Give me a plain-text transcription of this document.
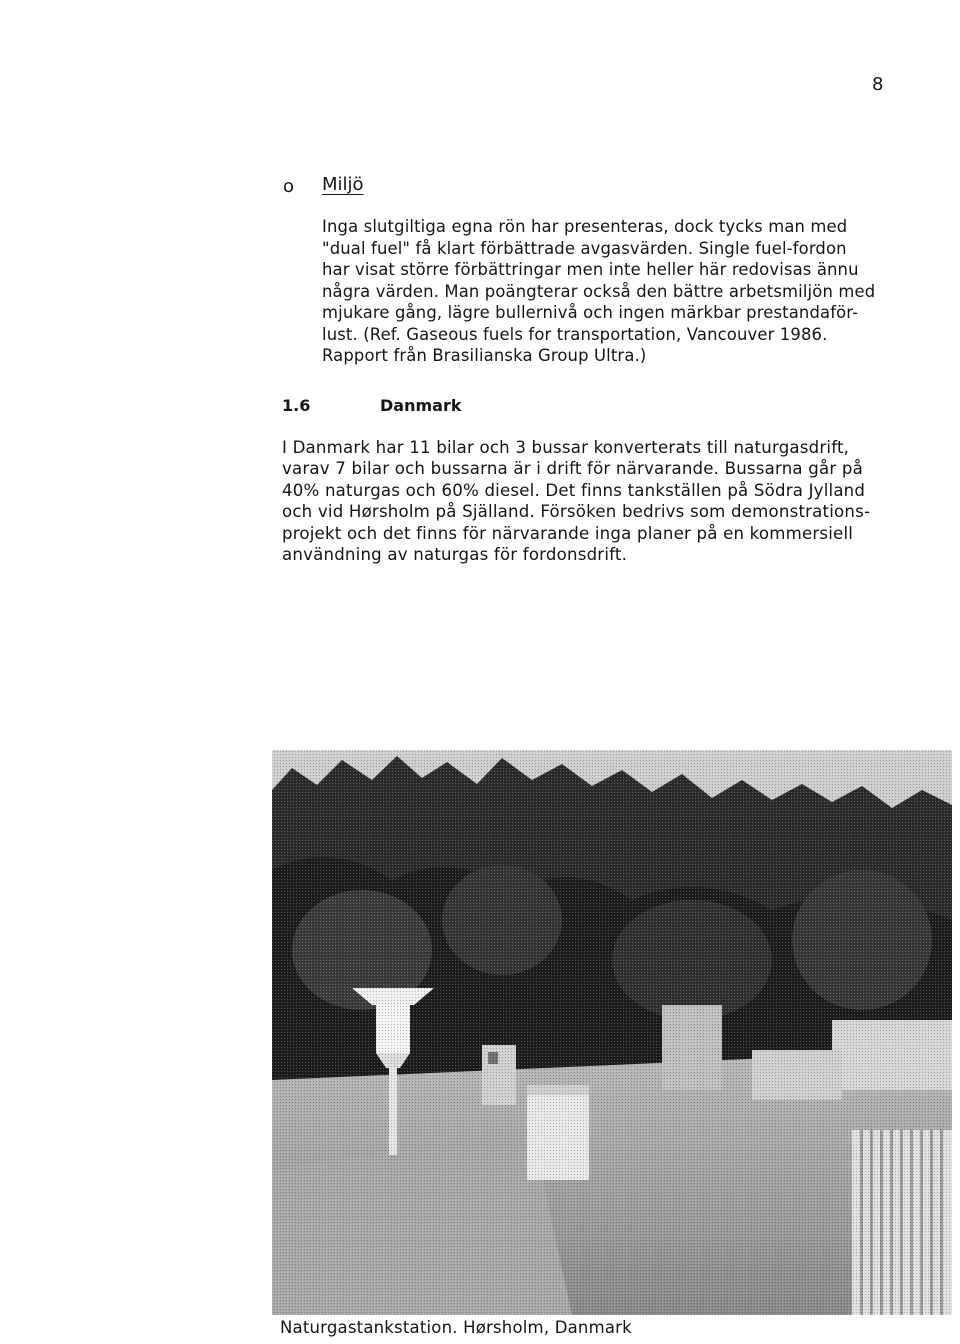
8
o Miljö
Inga slutgiltiga egna rön har presenteras, dock tycks man med
"dual fuel" få klart förbättrade avgasvärden. Single fuel-fordon
har visat större förbättringar men inte heller här redovisas ännu
några värden. Man poängterar också den bättre arbetsmiljön med
mjukare gång, lägre bullernivå och ingen märkbar prestandaför-
lust. (Ref. Gaseous fuels for transportation, Vancouver 1986.
Rapport från Brasilianska Group Ultra.)
1.6	Danmark
I Danmark har 11 bilar och 3 bussar konverterats till naturgasdrift,
varav 7 bilar och bussarna är i drift för närvarande. Bussarna går på
40% naturgas och 60% diesel. Det finns tankställen på Södra Jylland
och vid Hørsholm på Själland. Försöken bedrivs som demonstrations-
projekt och det finns för närvarande inga planer på en kommersiell
användning av naturgas för fordonsdrift.
Naturgastankstation. Hørsholm, Danmark
